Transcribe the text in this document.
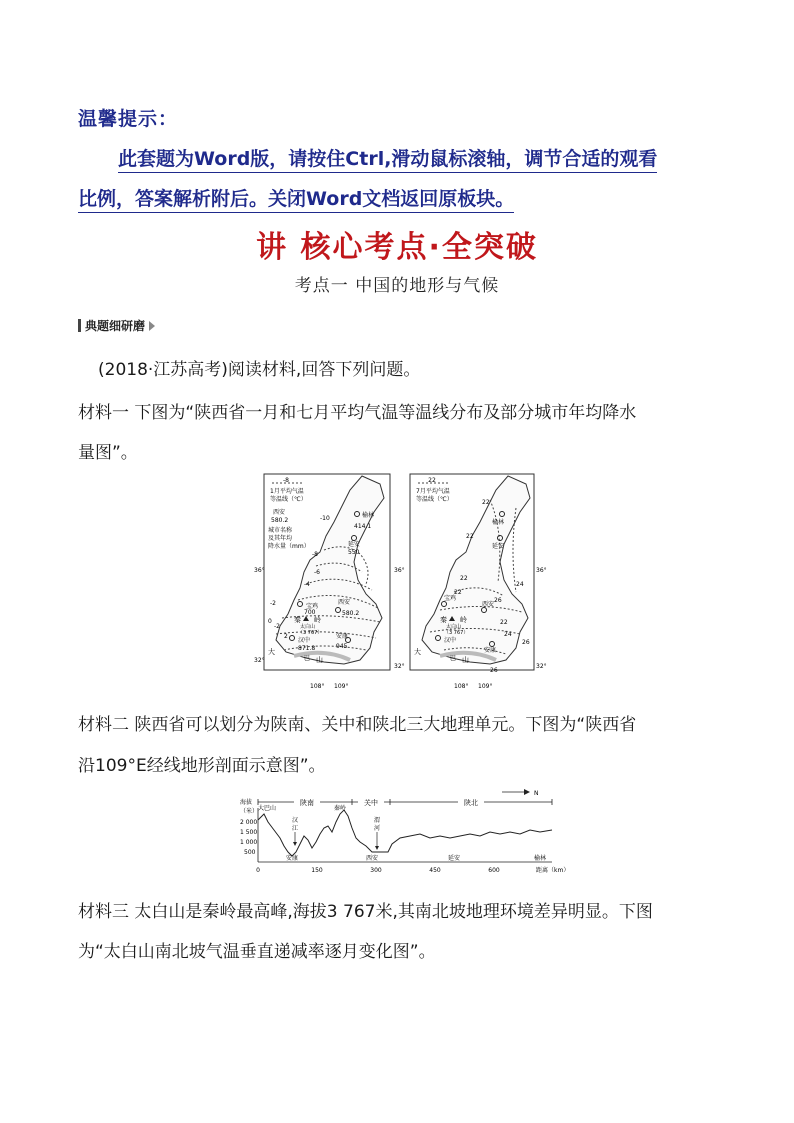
温馨提示：
此套题为Word版，请按住Ctrl,滑动鼠标滚轴，调节合适的观看
比例，答案解析附后。关闭Word文档返回原板块。
讲 核心考点·全突破
考点一 中国的地形与气候
典题细研磨
(2018·江苏高考)阅读材料,回答下列问题。
材料一 下图为“陕西省一月和七月平均气温等温线分布及部分城市年均降水
量图”。
-8
1月平均气温
等温线（℃）
西安
580.2
城市名称
及其年均
降水量（mm）
-10
-8
-6
-4
-2
0
2
-2
36°
32°
108° 109°
榆林
414.1
延安
550
宝鸡
700
西安
580.2
汉中
871.8
安康
945
秦 岭
太白山
（3 767）
大
巴 山
22
7月平均气温
等温线（℃）	22
22
22
24
22
26
22
24
26
26
36°	36°
32°	32°
108° 109°
榆林
延安
宝鸡
西安
汉中
安康
秦 岭
太白山
（3 767）
大
巴 山
材料二 陕西省可以划分为陕南、关中和陕北三大地理单元。下图为“陕西省
沿109°E经线地形剖面示意图”。
N
陕南	关中	陕北
海拔
（米）
2 000
1 500
1 000
500
0	150	300	450	600	距离（km）
大巴山	秦岭
汉
江
渭
河
安康	西安	延安	榆林
材料三 太白山是秦岭最高峰,海拔3 767米,其南北坡地理环境差异明显。下图
为“太白山南北坡气温垂直递减率逐月变化图”。
